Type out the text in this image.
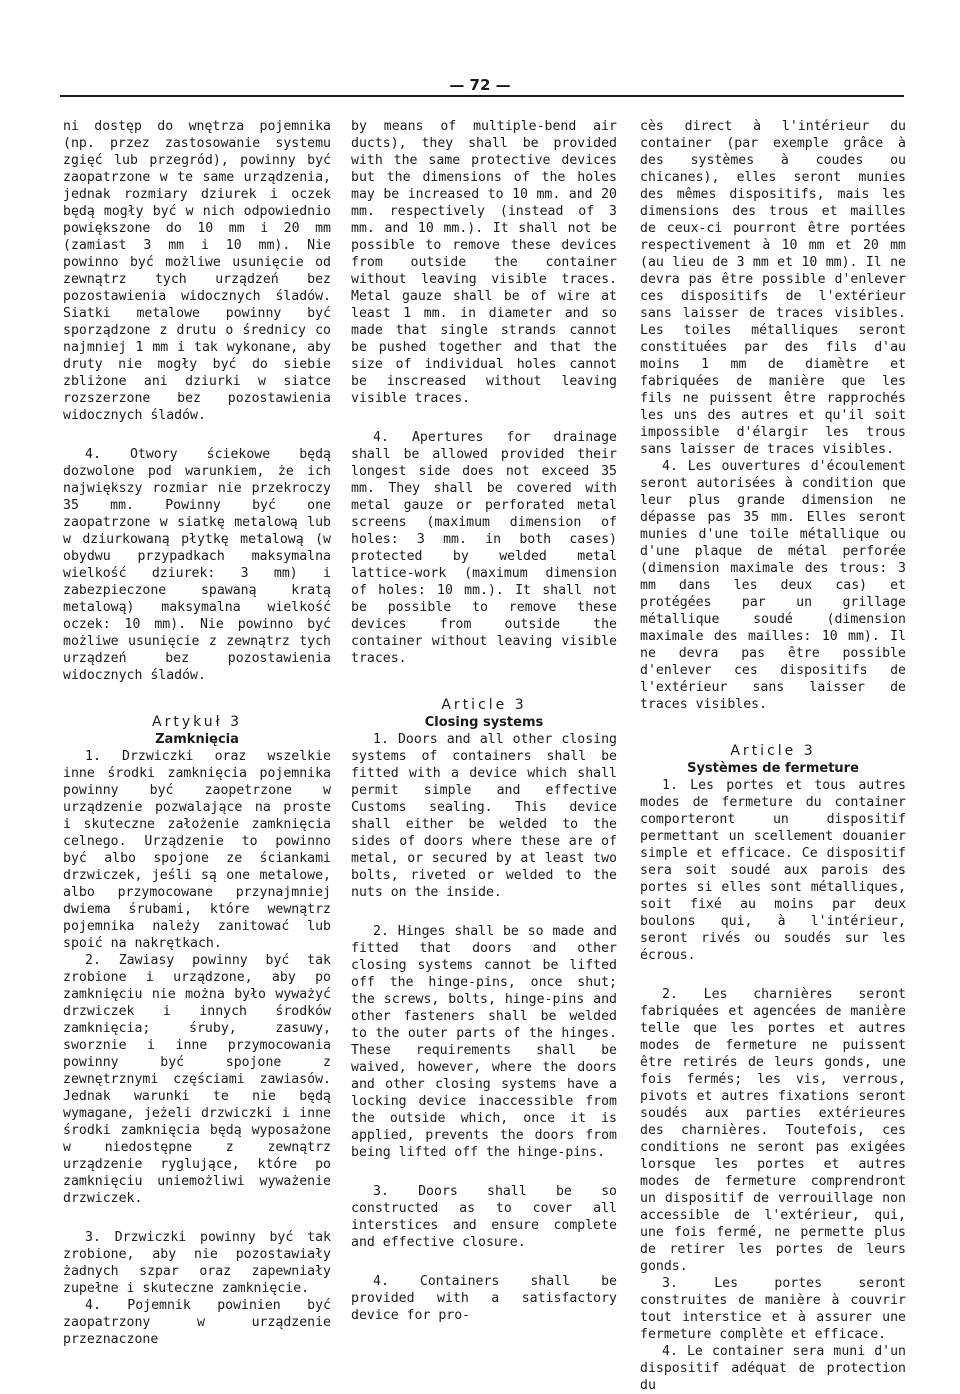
— 72 —

ni dostęp do wnętrza pojemnika (np. przez zastosowanie systemu zgięć lub przegród), powinny być zaopatrzone w te same urządzenia, jednak rozmiary dziurek i oczek będą mogły być w nich odpowiednio powiększone do 10 mm i 20 mm (zamiast 3 mm i 10 mm). Nie powinno być możliwe usunięcie od zewnątrz tych urządzeń bez pozostawienia widocznych śladów. Siatki metalowe powinny być sporządzone z drutu o średnicy co najmniej 1 mm i tak wykonane, aby druty nie mogły być do siebie zbliżone ani dziurki w siatce rozszerzone bez pozostawienia widocznych śladów.

4. Otwory ściekowe będą dozwolone pod warunkiem, że ich największy rozmiar nie przekroczy 35 mm. Powinny być one zaopatrzone w siatkę metalową lub w dziurkowaną płytkę metalową (w obydwu przypadkach maksymalna wielkość dziurek: 3 mm) i zabezpieczone spawaną kratą metalową) maksymalna wielkość oczek: 10 mm). Nie powinno być możliwe usunięcie z zewnątrz tych urządzeń bez pozostawienia widocznych śladów.

Artykuł 3

Zamknięcia

1. Drzwiczki oraz wszelkie inne środki zamknięcia pojemnika powinny być zaopetrzone w urządzenie pozwalające na proste i skuteczne założenie zamknięcia celnego. Urządzenie to powinno być albo spojone ze ściankami drzwiczek, jeśli są one metalowe, albo przymocowane przynajmniej dwiema śrubami, które wewnątrz pojemnika należy zanitować lub spoić na nakrętkach.

2. Zawiasy powinny być tak zrobione i urządzone, aby po zamknięciu nie można było wyważyć drzwiczek i innych środków zamknięcia; śruby, zasuwy, sworznie i inne przymocowania powinny być spojone z zewnętrznymi częściami zawiasów. Jednak warunki te nie będą wymagane, jeżeli drzwiczki i inne środki zamknięcia będą wyposażone w niedostępne z zewnątrz urządzenie ryglujące, które po zamknięciu uniemożliwi wyważenie drzwiczek.

3. Drzwiczki powinny być tak zrobione, aby nie pozostawiały żadnych szpar oraz zapewniały zupełne i skuteczne zamknięcie.

4. Pojemnik powinien być zaopatrzony w urządzenie przeznaczone

by means of multiple-bend air ducts), they shall be provided with the same protective devices but the dimensions of the holes may be increased to 10 mm. and 20 mm. respectively (instead of 3 mm. and 10 mm.). It shall not be possible to remove these devices from outside the container without leaving visible traces. Metal gauze shall be of wire at least 1 mm. in diameter and so made that single strands cannot be pushed together and that the size of individual holes cannot be inscreased without leaving visible traces.

4. Apertures for drainage shall be allowed provided their longest side does not exceed 35 mm. They shall be covered with metal gauze or perforated metal screens (maximum dimension of holes: 3 mm. in both cases) protected by welded metal lattice-work (maximum dimension of holes: 10 mm.). It shall not be possible to remove these devices from outside the container without leaving visible traces.

Article 3

Closing systems

1. Doors and all other closing systems of containers shall be fitted with a device which shall permit simple and effective Customs sealing. This device shall either be welded to the sides of doors where these are of metal, or secured by at least two bolts, riveted or welded to the nuts on the inside.

2. Hinges shall be so made and fitted that doors and other closing systems cannot be lifted off the hinge-pins, once shut; the screws, bolts, hinge-pins and other fasteners shall be welded to the outer parts of the hinges. These requirements shall be waived, however, where the doors and other closing systems have a locking device inaccessible from the outside which, once it is applied, prevents the doors from being lifted off the hinge-pins.

3. Doors shall be so constructed as to cover all interstices and ensure complete and effective closure.

4. Containers shall be provided with a satisfactory device for pro-

cès direct à l'intérieur du container (par exemple grâce à des systèmes à coudes ou chicanes), elles seront munies des mêmes dispositifs, mais les dimensions des trous et mailles de ceux-ci pourront être portées respectivement à 10 mm et 20 mm (au lieu de 3 mm et 10 mm). Il ne devra pas être possible d'enlever ces dispositifs de l'extérieur sans laisser de traces visibles. Les toiles métalliques seront constituées par des fils d'au moins 1 mm de diamètre et fabriquées de manière que les fils ne puissent être rapprochés les uns des autres et qu'il soit impossible d'élargir les trous sans laisser de traces visibles.

4. Les ouvertures d'écoulement seront autorisées à condition que leur plus grande dimension ne dépasse pas 35 mm. Elles seront munies d'une toile métallique ou d'une plaque de métal perforée (dimension maximale des trous: 3 mm dans les deux cas) et protégées par un grillage métallique soudé (dimension maximale des mailles: 10 mm). Il ne devra pas être possible d'enlever ces dispositifs de l'extérieur sans laisser de traces visibles.

Article 3

Systèmes de fermeture

1. Les portes et tous autres modes de fermeture du container comporteront un dispositif permettant un scellement douanier simple et efficace. Ce dispositif sera soit soudé aux parois des portes si elles sont métalliques, soit fixé au moins par deux boulons qui, à l'intérieur, seront rivés ou soudés sur les écrous.

2. Les charnières seront fabriquées et agencées de manière telle que les portes et autres modes de fermeture ne puissent être retirés de leurs gonds, une fois fermés; les vis, verrous, pivots et autres fixations seront soudés aux parties extérieures des charnières. Toutefois, ces conditions ne seront pas exigées lorsque les portes et autres modes de fermeture comprendront un dispositif de verrouillage non accessible de l'extérieur, qui, une fois fermé, ne permette plus de retirer les portes de leurs gonds.

3. Les portes seront construites de manière à couvrir tout interstice et à assurer une fermeture complète et efficace.

4. Le container sera muni d'un dispositif adéquat de protection du
